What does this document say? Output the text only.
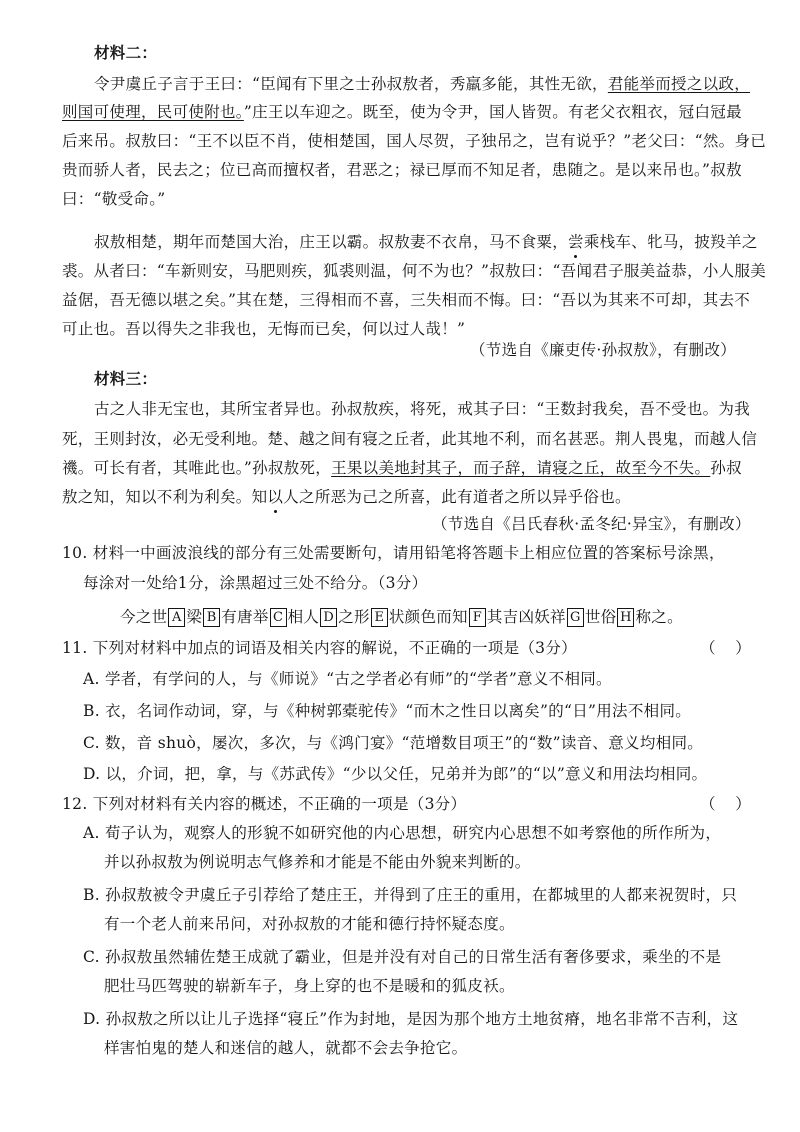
材料二：
令尹虞丘子言于王曰：“臣闻有下里之士孙叔敖者，秀羸多能，其性无欲，君能举而授之以政，
则国可使理，民可使附也。”庄王以车迎之。既至，使为令尹，国人皆贺。有老父衣粗衣，冠白冠最
后来吊。叔敖曰：“王不以臣不肖，使相楚国，国人尽贺，子独吊之，岂有说乎？”老父曰：“然。身已
贵而骄人者，民去之；位已高而擅权者，君恶之；禄已厚而不知足者，患随之。是以来吊也。”叔敖
曰：“敬受命。”
叔敖相楚，期年而楚国大治，庄王以霸。叔敖妻不衣帛，马不食粟，尝乘栈车、牝马，披羖羊之
裘。从者曰：“车新则安，马肥则疾，狐裘则温，何不为也？”叔敖曰：“吾闻君子服美益恭，小人服美
益倨，吾无德以堪之矣。”其在楚，三得相而不喜，三失相而不悔。曰：“吾以为其来不可却，其去不
可止也。吾以得失之非我也，无悔而已矣，何以过人哉！”
（节选自《廉吏传·孙叔敖》，有删改）
材料三：
古之人非无宝也，其所宝者异也。孙叔敖疾，将死，戒其子曰：“王数封我矣，吾不受也。为我
死，王则封汝，必无受利地。楚、越之间有寝之丘者，此其地不利，而名甚恶。荆人畏鬼，而越人信
禨。可长有者，其唯此也。”孙叔敖死，王果以美地封其子，而子辞，请寝之丘，故至今不失。孙叔
敖之知，知以不利为利矣。知以人之所恶为己之所喜，此有道者之所以异乎俗也。
（节选自《吕氏春秋·孟冬纪·异宝》，有删改）
10. 材料一中画波浪线的部分有三处需要断句，请用铅笔将答题卡上相应位置的答案标号涂黑，
每涂对一处给1分，涂黑超过三处不给分。（3分）
今之世 A 梁 B 有唐举 C 相人 D 之形 E 状颜色而知 F 其吉凶妖祥 G 世俗 H 称之。
11. 下列对材料中加点的词语及相关内容的解说，不正确的一项是（3分）	（    ）
A. 学者，有学问的人，与《师说》“古之学者必有师”的“学者”意义不相同。
B. 衣，名词作动词，穿，与《种树郭橐驼传》“而木之性日以离矣”的“日”用法不相同。
C. 数，音 shuò，屡次，多次，与《鸿门宴》“范增数目项王”的“数”读音、意义均相同。
D. 以，介词，把，拿，与《苏武传》“少以父任，兄弟并为郎”的“以”意义和用法均相同。
12. 下列对材料有关内容的概述，不正确的一项是（3分）	（    ）
A. 荀子认为，观察人的形貌不如研究他的内心思想，研究内心思想不如考察他的所作所为，
并以孙叔敖为例说明志气修养和才能是不能由外貌来判断的。
B. 孙叔敖被令尹虞丘子引荐给了楚庄王，并得到了庄王的重用，在都城里的人都来祝贺时，只
有一个老人前来吊问，对孙叔敖的才能和德行持怀疑态度。
C. 孙叔敖虽然辅佐楚王成就了霸业，但是并没有对自己的日常生活有奢侈要求，乘坐的不是
肥壮马匹驾驶的崭新车子，身上穿的也不是暖和的狐皮袄。
D. 孙叔敖之所以让儿子选择“寝丘”作为封地，是因为那个地方土地贫瘠，地名非常不吉利，这
样害怕鬼的楚人和迷信的越人，就都不会去争抢它。
